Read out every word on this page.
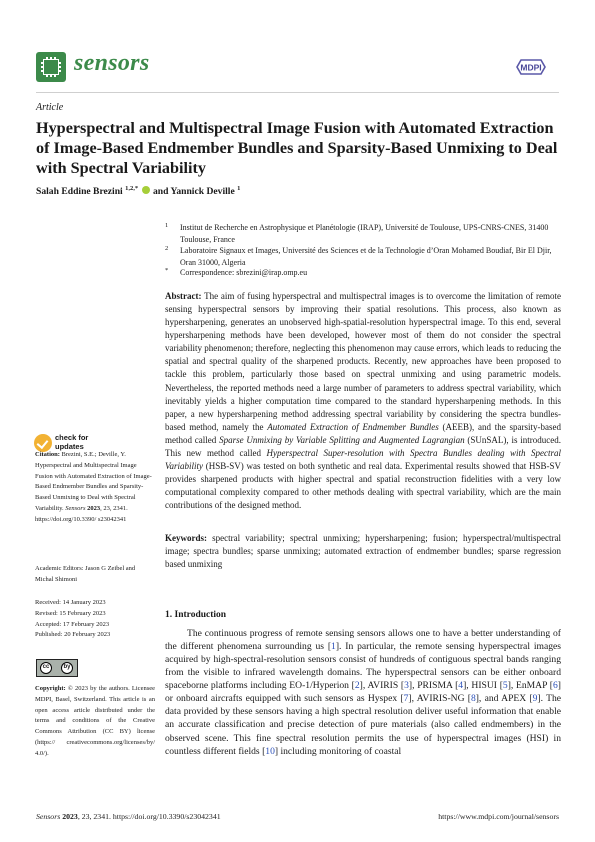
sensors	MDPI
Article
Hyperspectral and Multispectral Image Fusion with Automated Extraction of Image-Based Endmember Bundles and Sparsity-Based Unmixing to Deal with Spectral Variability
Salah Eddine Brezini $^{1,2,*}$ and Yannick Deville $^1$
1 Institut de Recherche en Astrophysique et Planétologie (IRAP), Université de Toulouse, UPS-CNRS-CNES, 31400 Toulouse, France
2 Laboratoire Signaux et Images, Université des Sciences et de la Technologie d’Oran Mohamed Boudiaf, Bir El Djir, Oran 31000, Algeria
* Correspondence: sbrezini@irap.omp.eu
Abstract: The aim of fusing hyperspectral and multispectral images is to overcome the limitation of remote sensing hyperspectral sensors by improving their spatial resolutions. This process, also known as hypersharpening, generates an unobserved high-spatial-resolution hyperspectral image. To this end, several hypersharpening methods have been developed, however most of them do not consider the spectral variability phenomenon; therefore, neglecting this phenomenon may cause errors, which leads to reducing the spatial and spectral quality of the sharpened products. Recently, new approaches have been proposed to tackle this problem, particularly those based on spectral unmixing and using parametric models. Nevertheless, the reported methods need a large number of parameters to address spectral variability, which inevitably yields a higher computation time compared to the standard hypersharpening methods. In this paper, a new hypersharpening method addressing spectral variability by considering the spectra bundles-based method, namely the Automated Extraction of Endmember Bundles (AEEB), and the sparsity-based method called Sparse Unmixing by Variable Splitting and Augmented Lagrangian (SUnSAL), is introduced. This new method called Hyperspectral Super-resolution with Spectra Bundles dealing with Spectral Variability (HSB-SV) was tested on both synthetic and real data. Experimental results showed that HSB-SV provides sharpened products with higher spectral and spatial reconstruction fidelities with a very low computational complexity compared to other methods dealing with spectral variability, which are the main contributions of the designed method.
Keywords: spectral variability; spectral unmixing; hypersharpening; fusion; hyperspectral/multispectral image; spectra bundles; sparse unmixing; automated extraction of endmember bundles; sparse regression based unmixing
1. Introduction

The continuous progress of remote sensing sensors allows one to have a better understanding of the different phenomena surrounding us [1]. In particular, the remote sensing hyperspectral images acquired by high-spectral-resolution sensors consist of hundreds of contiguous spectral bands ranging from the visible to infrared wavelength domains. The hyperspectral sensors can be either onboard spaceborne platforms including EO-1/Hyperion [2], AVIRIS [3], PRISMA [4], HISUI [5], EnMAP [6] or onboard aircrafts equipped with such sensors as Hyspex [7], AVIRIS-NG [8], and APEX [9]. The data provided by these sensors having a high spectral resolution deliver useful information that enable an accurate classification and precise detection of pure materials (also called endmembers) in the observed scene. This fine spectral resolution permits the use of hyperspectral images (HSI) in countless different fields [10] including monitoring of coastal

check for
updates
Citation: Brezini, S.E.; Deville, Y. Hyperspectral and Multispectral Image Fusion with Automated Extraction of Image-Based Endmember Bundles and Sparsity-Based Unmixing to Deal with Spectral Variability. Sensors 2023, 23, 2341. https://doi.org/10.3390/ s23042341
Academic Editors: Jason G Zeibel and Michal Shimoni
Received: 14 January 2023
Revised: 15 February 2023
Accepted: 17 February 2023
Published: 20 February 2023
cc	by
Copyright: © 2023 by the authors. Licensee MDPI, Basel, Switzerland. This article is an open access article distributed under the terms and conditions of the Creative Commons Attribution (CC BY) license (https:// creativecommons.org/licenses/by/ 4.0/).
Sensors 2023, 23, 2341. https://doi.org/10.3390/s23042341	https://www.mdpi.com/journal/sensors
